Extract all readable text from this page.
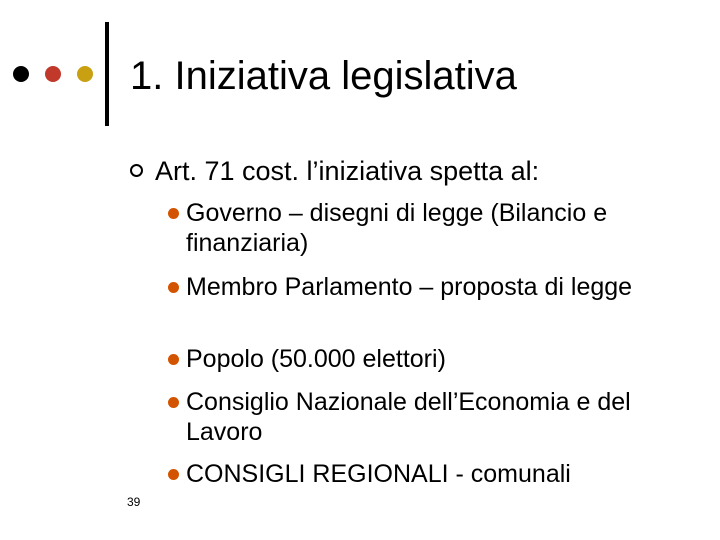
1. Iniziativa legislativa
Art. 71 cost. l’iniziativa spetta al:
Governo – disegni di legge (Bilancio e finanziaria)
Membro Parlamento – proposta di legge
Popolo (50.000 elettori)
Consiglio Nazionale dell’Economia e del Lavoro
CONSIGLI REGIONALI - comunali
39
